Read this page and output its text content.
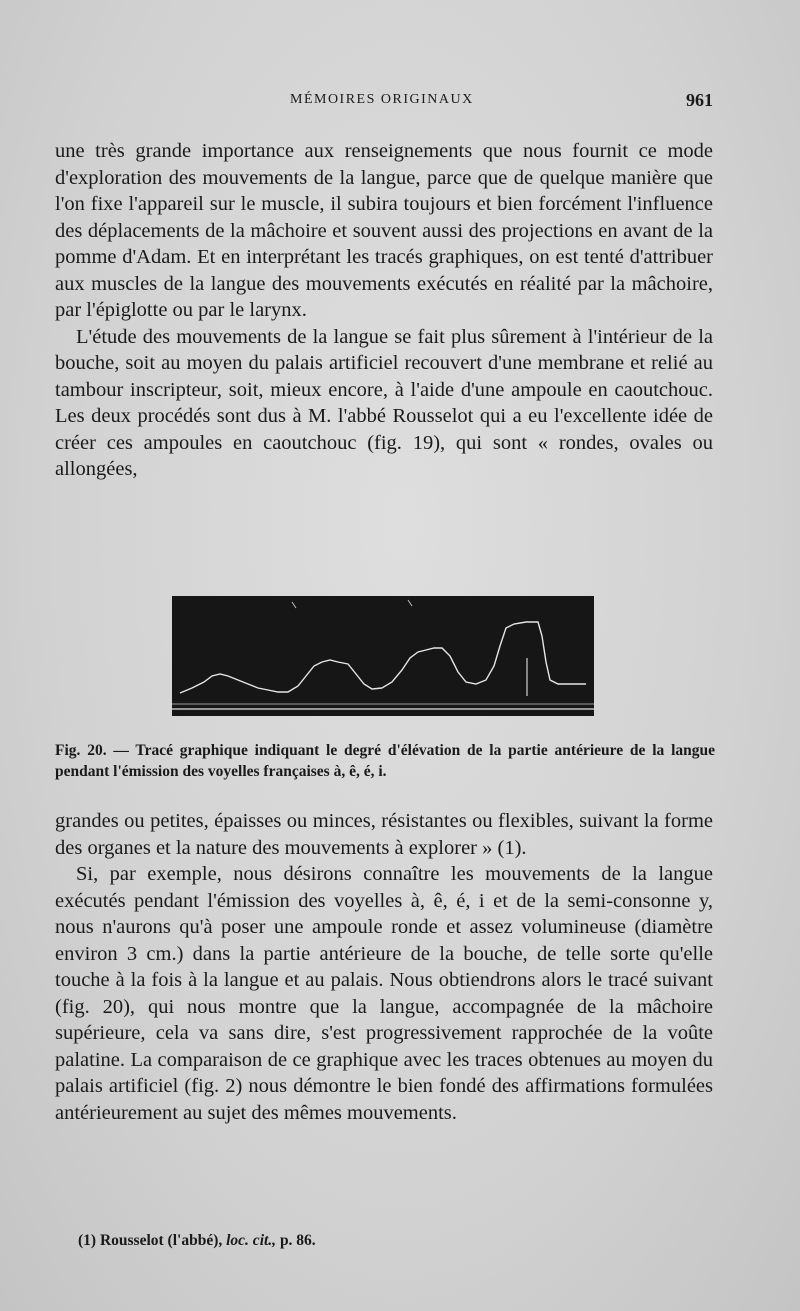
MÉMOIRES ORIGINAUX	961

une très grande importance aux renseignements que nous fournit ce mode d'exploration des mouvements de la langue, parce que de quelque manière que l'on fixe l'appareil sur le muscle, il subira toujours et bien forcément l'influence des déplacements de la mâchoire et souvent aussi des projections en avant de la pomme d'Adam. Et en interprétant les tracés graphiques, on est tenté d'attribuer aux muscles de la langue des mouvements exécutés en réalité par la mâchoire, par l'épiglotte ou par le larynx.

L'étude des mouvements de la langue se fait plus sûrement à l'intérieur de la bouche, soit au moyen du palais artificiel recouvert d'une membrane et relié au tambour inscripteur, soit, mieux encore, à l'aide d'une ampoule en caoutchouc. Les deux procédés sont dus à M. l'abbé Rousselot qui a eu l'excellente idée de créer ces ampoules en caoutchouc (fig. 19), qui sont « rondes, ovales ou allongées,

Fig. 20. — Tracé graphique indiquant le degré d'élévation de la partie antérieure de la langue pendant l'émission des voyelles françaises à, ê, é, i.

grandes ou petites, épaisses ou minces, résistantes ou flexibles, suivant la forme des organes et la nature des mouvements à explorer » (1).

Si, par exemple, nous désirons connaître les mouvements de la langue exécutés pendant l'émission des voyelles à, ê, é, i et de la semi-consonne y, nous n'aurons qu'à poser une ampoule ronde et assez volumineuse (diamètre environ 3 cm.) dans la partie antérieure de la bouche, de telle sorte qu'elle touche à la fois à la langue et au palais. Nous obtiendrons alors le tracé suivant (fig. 20), qui nous montre que la langue, accompagnée de la mâchoire supérieure, cela va sans dire, s'est progressivement rapprochée de la voûte palatine. La comparaison de ce graphique avec les traces obtenues au moyen du palais artificiel (fig. 2) nous démontre le bien fondé des affirmations formulées antérieurement au sujet des mêmes mouvements.

(1) Rousselot (l'abbé), loc. cit., p. 86.
